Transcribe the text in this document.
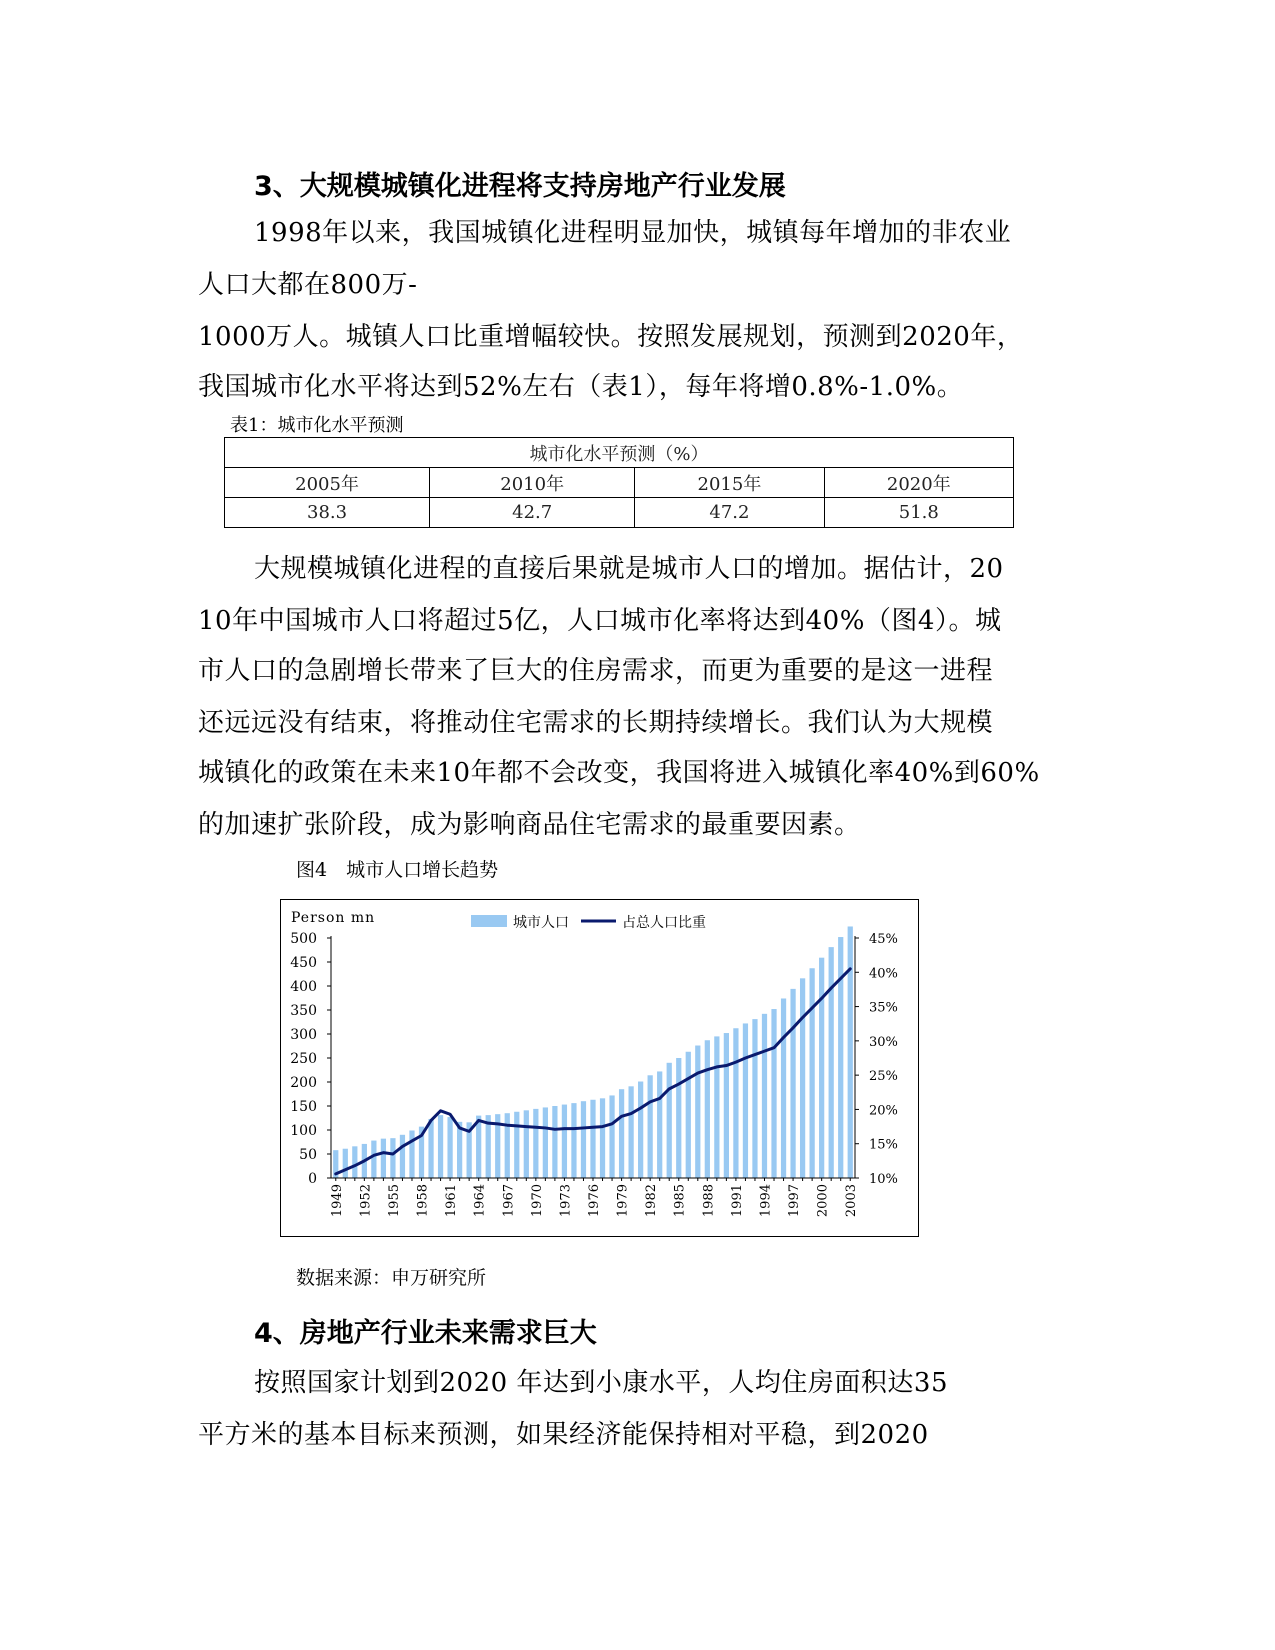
3、大规模城镇化进程将支持房地产行业发展
1998年以来，我国城镇化进程明显加快，城镇每年增加的非农业
人口大都在800万-
1000万人。城镇人口比重增幅较快。按照发展规划，预测到2020年，
我国城市化水平将达到52%左右（表1），每年将增0.8%-1.0%。
表1：城市化水平预测
城市化水平预测（%）			
2005年	2010年	2015年	2020年
38.3	42.7	47.2	51.8
大规模城镇化进程的直接后果就是城市人口的增加。据估计，20
10年中国城市人口将超过5亿，人口城市化率将达到40%（图4）。城
市人口的急剧增长带来了巨大的住房需求，而更为重要的是这一进程
还远远没有结束，将推动住宅需求的长期持续增长。我们认为大规模
城镇化的政策在未来10年都不会改变，我国将进入城镇化率40%到60%
的加速扩张阶段，成为影响商品住宅需求的最重要因素。
图4　城市人口增长趋势
0
50
100
150
200
250
300
350
400
450
500
10%
15%
20%
25%
30%
35%
40%
45%
1949 1952 1955 1958 1961 1964 1967 1970 1973 1976 1979 1982 1985 1988 1991 1994 1997 2000 2003
Person mn	城市人口	占总人口比重
数据来源：申万研究所
4、房地产行业未来需求巨大
按照国家计划到2020 年达到小康水平，人均住房面积达35
平方米的基本目标来预测，如果经济能保持相对平稳，到2020
